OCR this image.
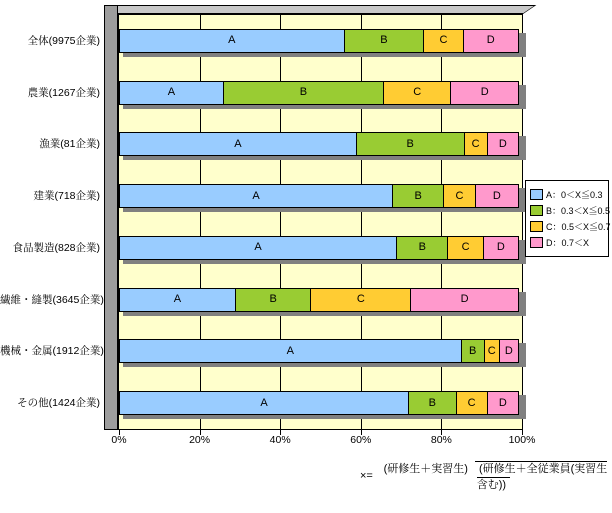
A	B	C	D
A	B	C	D
A	B	C D
A	B	C	D
A	B	C D
A	B	C	D
A	B C D
A	B	C D
0%	20%	40%	60%	80%	100%
全体(9975企業)
農業(1267企業)
漁業(81企業)
建業(718企業)
食品製造(828企業)
繊維・縫製(3645企業)
機械・金属(1912企業)
その他(1424企業)
A：0＜X≦0.3
B：0.3＜X≦0.5
C：0.5＜X≦0.7
D：0.7＜X
×=
(研修生＋実習生) (研修生＋全従業員(実習生含む))
